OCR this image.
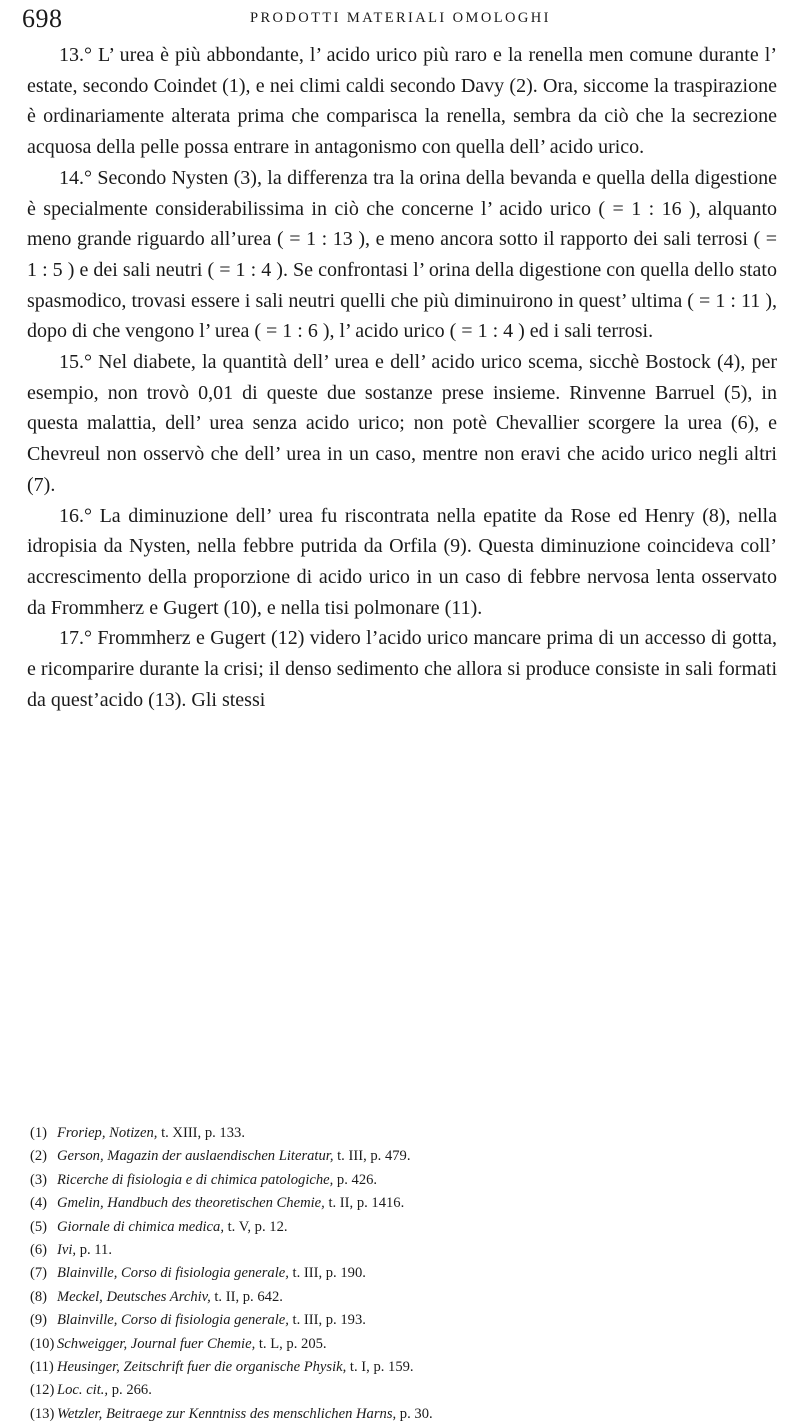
698	PRODOTTI MATERIALI OMOLOGHI

13.° L’ urea è più abbondante, l’ acido urico più raro e la renella men comune durante l’ estate, secondo Coindet (1), e nei climi caldi secondo Davy (2). Ora, siccome la traspirazione è ordinariamente alterata prima che comparisca la renella, sembra da ciò che la secrezione acquosa della pelle possa entrare in antagonismo con quella dell’ acido urico.

14.° Secondo Nysten (3), la differenza tra la orina della bevanda e quella della digestione è specialmente considerabilissima in ciò che concerne l’ acido urico ( = 1 : 16 ), alquanto meno grande riguardo all’urea ( = 1 : 13 ), e meno ancora sotto il rapporto dei sali terrosi ( = 1 : 5 ) e dei sali neutri ( = 1 : 4 ). Se confrontasi l’ orina della digestione con quella dello stato spasmodico, trovasi essere i sali neutri quelli che più diminuirono in quest’ ultima ( = 1 : 11 ), dopo di che vengono l’ urea ( = 1 : 6 ), l’ acido urico ( = 1 : 4 ) ed i sali terrosi.

15.° Nel diabete, la quantità dell’ urea e dell’ acido urico scema, sicchè Bostock (4), per esempio, non trovò 0,01 di queste due sostanze prese insieme. Rinvenne Barruel (5), in questa malattia, dell’ urea senza acido urico; non potè Chevallier scorgere la urea (6), e Chevreul non osservò che dell’ urea in un caso, mentre non eravi che acido urico negli altri (7).

16.° La diminuzione dell’ urea fu riscontrata nella epatite da Rose ed Henry (8), nella idropisia da Nysten, nella febbre putrida da Orfila (9). Questa diminuzione coincideva coll’ accrescimento della proporzione di acido urico in un caso di febbre nervosa lenta osservato da Frommherz e Gugert (10), e nella tisi polmonare (11).

17.° Frommherz e Gugert (12) videro l’acido urico mancare prima di un accesso di gotta, e ricomparire durante la crisi; il denso sedimento che allora si produce consiste in sali formati da quest’acido (13). Gli stessi

(1) Froriep, Notizen, t. XIII, p. 133.
(2) Gerson, Magazin der auslaendischen Literatur, t. III, p. 479.
(3) Ricerche di fisiologia e di chimica patologiche, p. 426.
(4) Gmelin, Handbuch des theoretischen Chemie, t. II, p. 1416.
(5) Giornale di chimica medica, t. V, p. 12.
(6) Ivi, p. 11.
(7) Blainville, Corso di fisiologia generale, t. III, p. 190.
(8) Meckel, Deutsches Archiv, t. II, p. 642.
(9) Blainville, Corso di fisiologia generale, t. III, p. 193.
(10) Schweigger, Journal fuer Chemie, t. L, p. 205.
(11) Heusinger, Zeitschrift fuer die organische Physik, t. I, p. 159.
(12) Loc. cit., p. 266.
(13) Wetzler, Beitraege zur Kenntniss des menschlichen Harns, p. 30.
